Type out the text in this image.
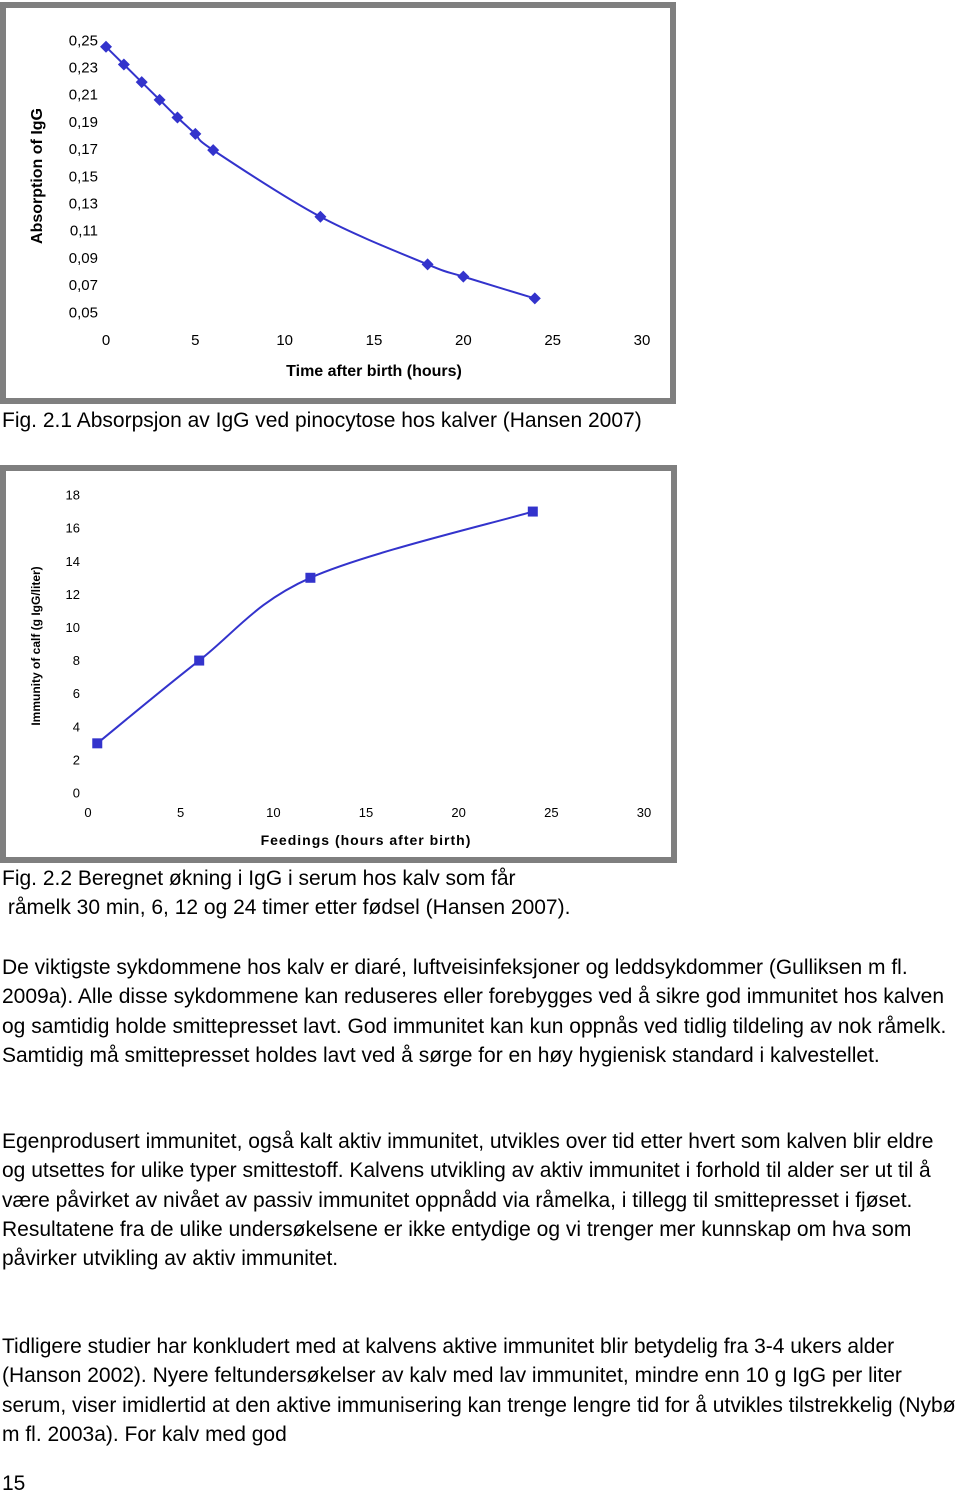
0,05
0,07
0,09
0,11
0,13
0,15
0,17
0,19
0,21
0,23
0,25
0	5	10	15	20	25	30
Time after birth (hours)
Absorption of IgG
Fig. 2.1 Absorpsjon av IgG ved pinocytose hos kalver (Hansen 2007)
0
2
4
6
8
10
12
14
16
18
0	5	10	15	20	25	30
Feedings (hours after birth)
Immunity of calf (g IgG/liter)
Fig. 2.2 Beregnet økning i IgG i serum hos kalv som får
råmelk 30 min, 6, 12 og 24 timer etter fødsel (Hansen 2007).

De viktigste sykdommene hos kalv er diaré, luftveisinfeksjoner og leddsykdommer (Gulliksen m fl. 2009a). Alle disse sykdommene kan reduseres eller forebygges ved å sikre god immunitet hos kalven og samtidig holde smittepresset lavt. God immunitet kan kun oppnås ved tidlig tildeling av nok råmelk. Samtidig må smittepresset holdes lavt ved å sørge for en høy hygienisk standard i kalvestellet.

Egenprodusert immunitet, også kalt aktiv immunitet, utvikles over tid etter hvert som kalven blir eldre og utsettes for ulike typer smittestoff. Kalvens utvikling av aktiv immunitet i forhold til alder ser ut til å være påvirket av nivået av passiv immunitet oppnådd via råmelka, i tillegg til smittepresset i fjøset. Resultatene fra de ulike undersøkelsene er ikke entydige og vi trenger mer kunnskap om hva som påvirker utvikling av aktiv immunitet.

Tidligere studier har konkludert med at kalvens aktive immunitet blir betydelig fra 3-4 ukers alder (Hanson 2002). Nyere feltundersøkelser av kalv med lav immunitet, mindre enn 10 g IgG per liter serum, viser imidlertid at den aktive immunisering kan trenge lengre tid for å utvikles tilstrekkelig (Nybø m fl. 2003a). For kalv med god

15
